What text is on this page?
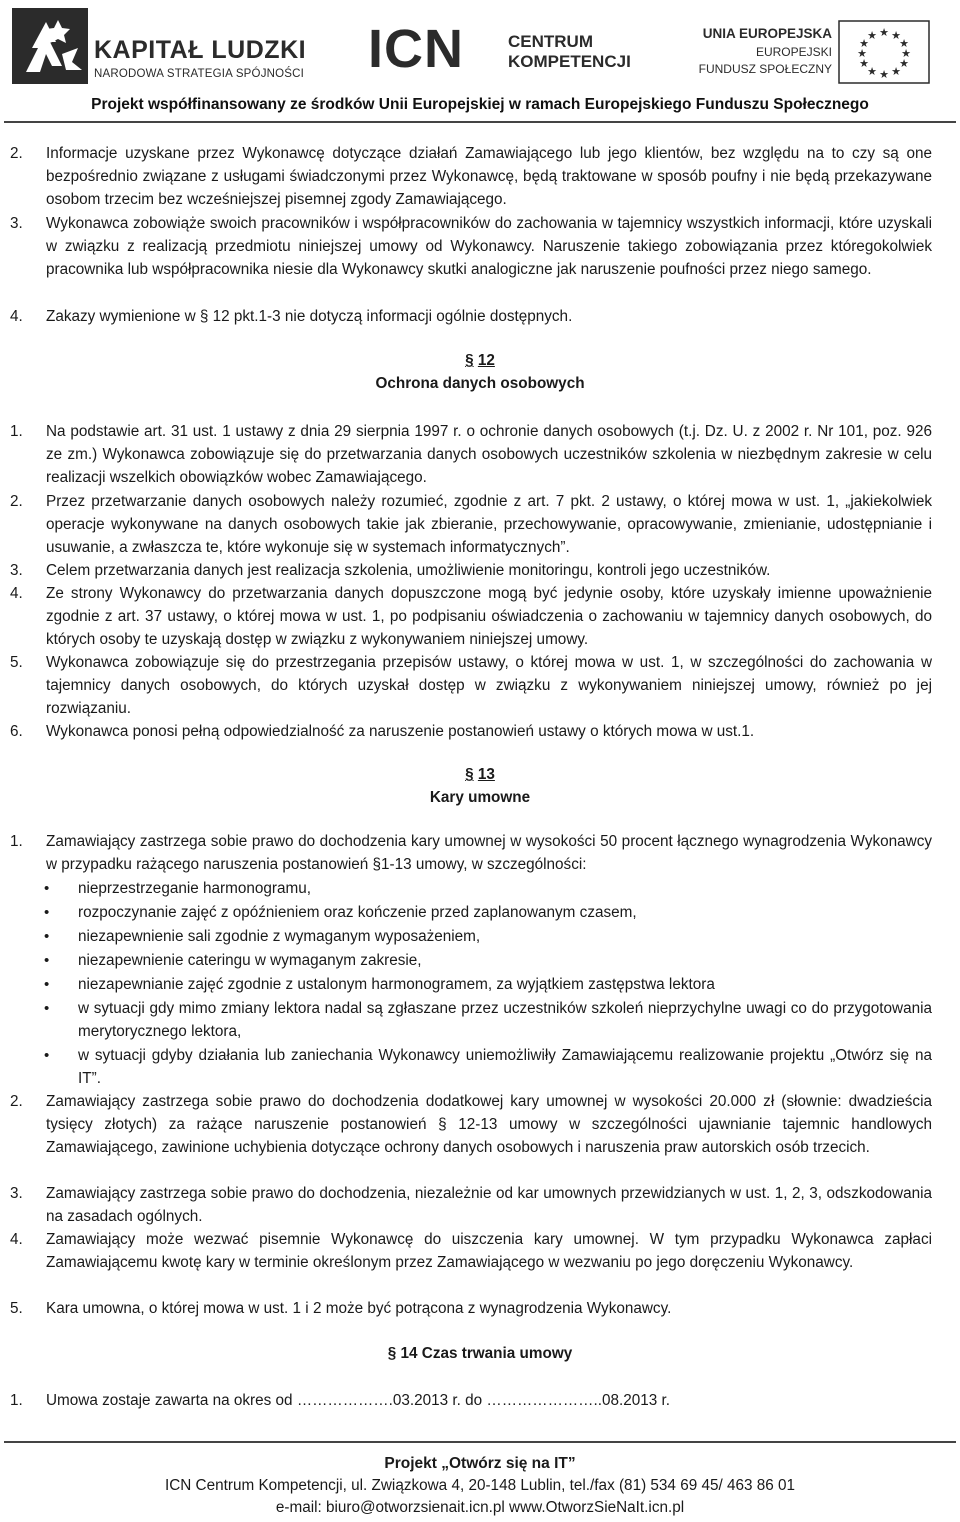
KAPITAŁ LUDZKI
NARODOWA STRATEGIA SPÓJNOŚCI ICN	CENTRUM
KOMPETENCJI
UNIA EUROPEJSKA
EUROPEJSKI
FUNDUSZ SPOŁECZNY
★ ★
★
★
★
★
★
★
★
★
★
★
Projekt współfinansowany ze środków Unii Europejskiej w ramach Europejskiego Funduszu Społecznego
2. Informacje uzyskane przez Wykonawcę dotyczące działań Zamawiającego lub jego klientów, bez względu na to czy są one bezpośrednio związane z usługami świadczonymi przez Wykonawcę, będą traktowane w sposób poufny i nie będą przekazywane osobom trzecim bez wcześniejszej pisemnej zgody Zamawiającego.
3. Wykonawca zobowiąże swoich pracowników i współpracowników do zachowania w tajemnicy wszystkich informacji, które uzyskali w związku z realizacją przedmiotu niniejszej umowy od Wykonawcy. Naruszenie takiego zobowiązania przez któregokolwiek pracownika lub współpracownika niesie dla Wykonawcy skutki analogiczne jak naruszenie poufności przez niego samego.
4. Zakazy wymienione w § 12 pkt.1-3 nie dotyczą informacji ogólnie dostępnych.
§ 12
Ochrona danych osobowych
1. Na podstawie art. 31 ust. 1 ustawy z dnia 29 sierpnia 1997 r. o ochronie danych osobowych (t.j. Dz. U. z 2002 r. Nr 101, poz. 926 ze zm.) Wykonawca zobowiązuje się do przetwarzania danych osobowych uczestników szkolenia w niezbędnym zakresie w celu realizacji wszelkich obowiązków wobec Zamawiającego.
2. Przez przetwarzanie danych osobowych należy rozumieć, zgodnie z art. 7 pkt. 2 ustawy, o której mowa w ust. 1, „jakiekolwiek operacje wykonywane na danych osobowych takie jak zbieranie, przechowywanie, opracowywanie, zmienianie, udostępnianie i usuwanie, a zwłaszcza te, które wykonuje się w systemach informatycznych”.
3. Celem przetwarzania danych jest realizacja szkolenia, umożliwienie monitoringu, kontroli jego uczestników.
4. Ze strony Wykonawcy do przetwarzania danych dopuszczone mogą być jedynie osoby, które uzyskały imienne upoważnienie zgodnie z art. 37 ustawy, o której mowa w ust. 1, po podpisaniu oświadczenia o zachowaniu w tajemnicy danych osobowych, do których osoby te uzyskają dostęp w związku z wykonywaniem niniejszej umowy.
5. Wykonawca zobowiązuje się do przestrzegania przepisów ustawy, o której mowa w ust. 1, w szczególności do zachowania w tajemnicy danych osobowych, do których uzyskał dostęp w związku z wykonywaniem niniejszej umowy, również po jej rozwiązaniu.
6. Wykonawca ponosi pełną odpowiedzialność za naruszenie postanowień ustawy o których mowa w ust.1.
§ 13
Kary umowne
1. Zamawiający zastrzega sobie prawo do dochodzenia kary umownej w wysokości 50 procent łącznego wynagrodzenia Wykonawcy w przypadku rażącego naruszenia postanowień §1-13 umowy, w szczególności:
• nieprzestrzeganie harmonogramu,
• rozpoczynanie zajęć z opóźnieniem oraz kończenie przed zaplanowanym czasem,
• niezapewnienie sali zgodnie z wymaganym wyposażeniem,
• niezapewnienie cateringu w wymaganym zakresie,
• niezapewnianie zajęć zgodnie z ustalonym harmonogramem, za wyjątkiem zastępstwa lektora
• w sytuacji gdy mimo zmiany lektora nadal są zgłaszane przez uczestników szkoleń nieprzychylne uwagi co do przygotowania merytorycznego lektora,
• w sytuacji gdyby działania lub zaniechania Wykonawcy uniemożliwiły Zamawiającemu realizowanie projektu „Otwórz się na IT”.
2. Zamawiający zastrzega sobie prawo do dochodzenia dodatkowej kary umownej w wysokości 20.000 zł (słownie: dwadzieścia tysięcy złotych) za rażące naruszenie postanowień § 12-13 umowy w szczególności ujawnianie tajemnic handlowych Zamawiającego, zawinione uchybienia dotyczące ochrony danych osobowych i naruszenia praw autorskich osób trzecich.
3. Zamawiający zastrzega sobie prawo do dochodzenia, niezależnie od kar umownych przewidzianych w ust. 1, 2, 3, odszkodowania na zasadach ogólnych.
4. Zamawiający może wezwać pisemnie Wykonawcę do uiszczenia kary umownej. W tym przypadku Wykonawca zapłaci Zamawiającemu kwotę kary w terminie określonym przez Zamawiającego w wezwaniu po jego doręczeniu Wykonawcy.
5. Kara umowna, o której mowa w ust. 1 i 2 może być potrącona z wynagrodzenia Wykonawcy.
§ 14 Czas trwania umowy
1. Umowa zostaje zawarta na okres od ……………….03.2013 r. do …………………..08.2013 r.
Projekt „Otwórz się na IT”
ICN Centrum Kompetencji, ul. Związkowa 4, 20-148 Lublin, tel./fax (81) 534 69 45/ 463 86 01
e-mail: biuro@otworzsienait.icn.pl www.OtworzSieNaIt.icn.pl
